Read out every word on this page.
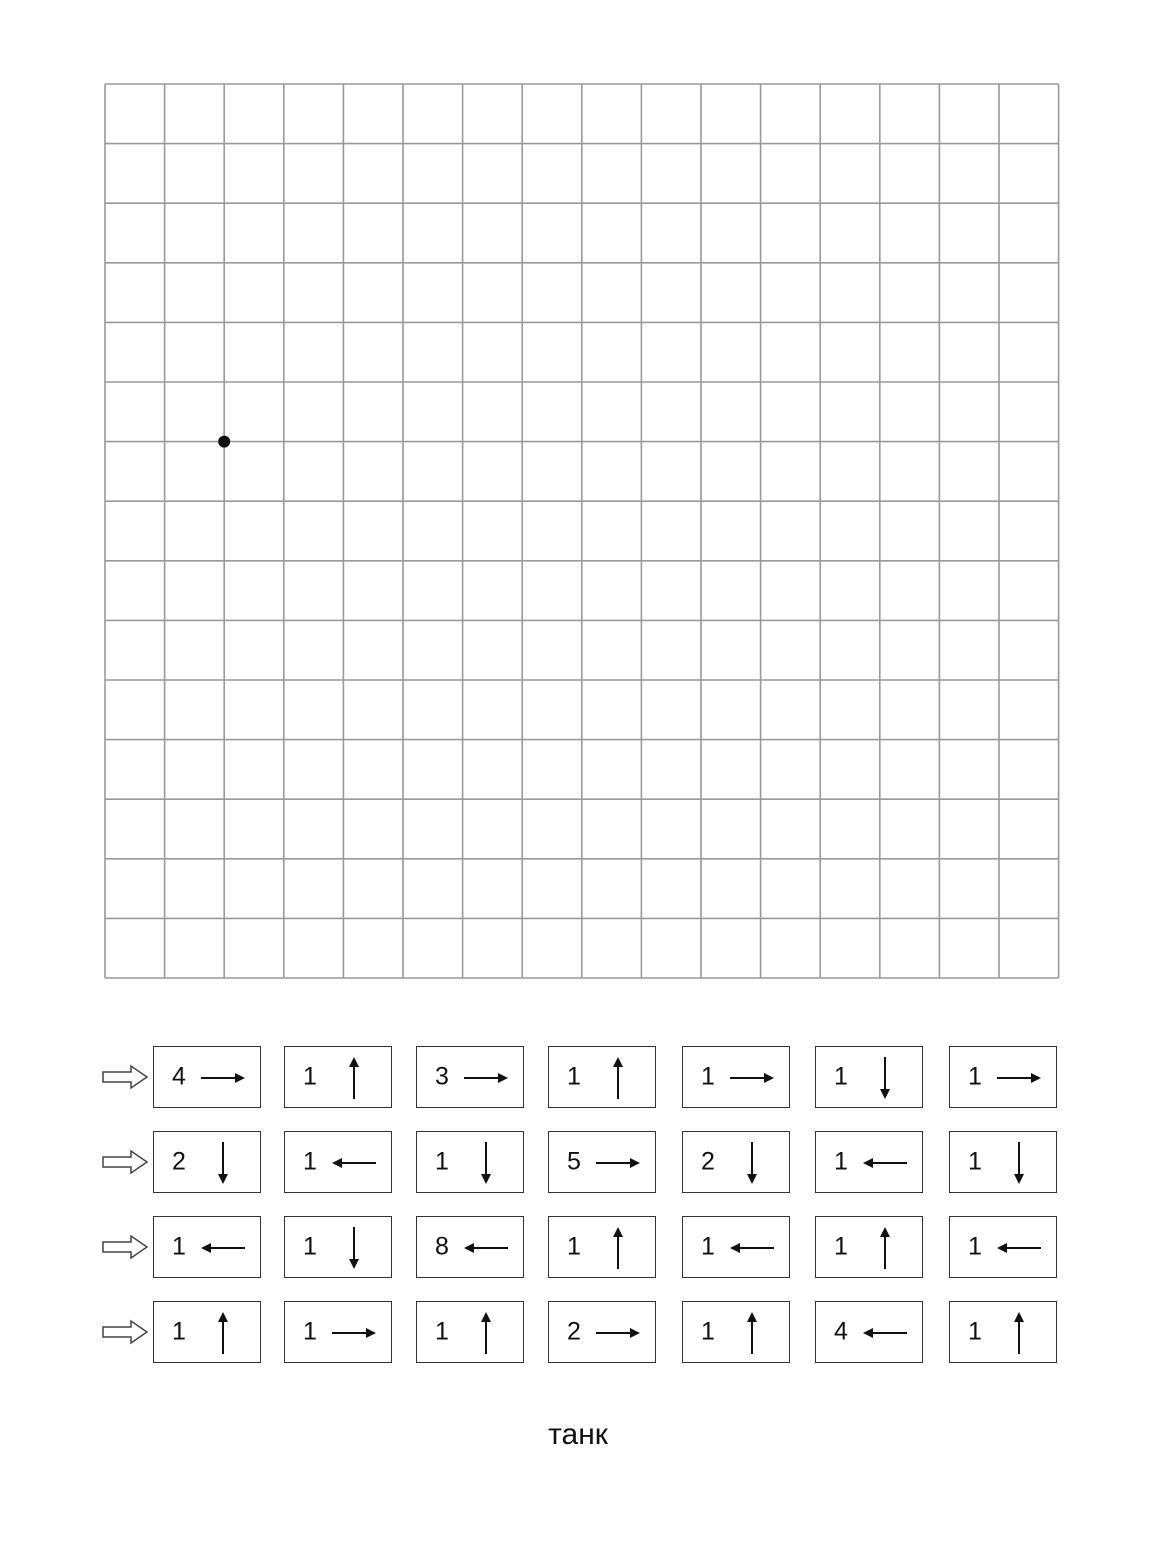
4	1	3	1	1	1	1
2	1	1	5	2	1	1
1	1	8	1	1	1	1
1	1	1	2	1	4	1
танк
